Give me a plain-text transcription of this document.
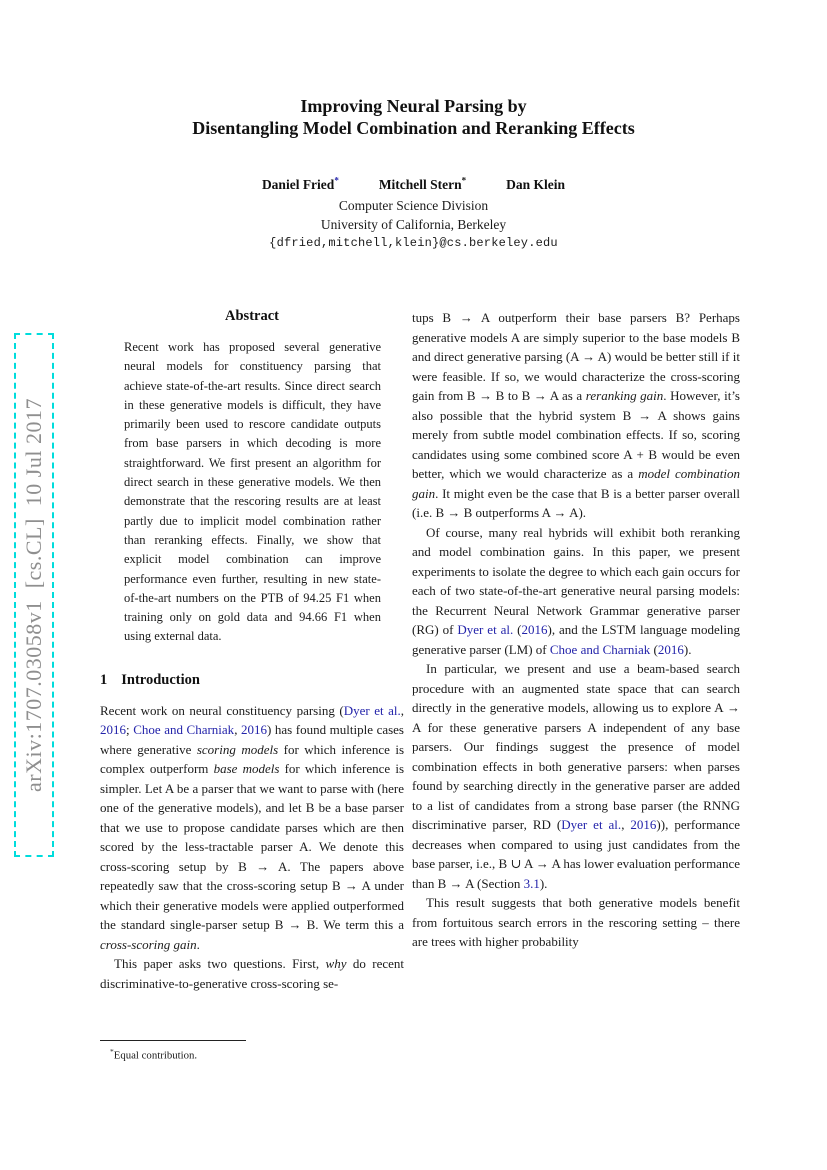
arXiv:1707.03058v1  [cs.CL]  10 Jul 2017
Improving Neural Parsing by
Disentangling Model Combination and Reranking Effects
Daniel Fried*	Mitchell Stern*	Dan Klein
Computer Science Division
University of California, Berkeley
{dfried,mitchell,klein}@cs.berkeley.edu
Abstract
Recent work has proposed several generative neural models for constituency parsing that achieve state-of-the-art results. Since direct search in these generative models is difficult, they have primarily been used to rescore candidate outputs from base parsers in which decoding is more straightforward. We first present an algorithm for direct search in these generative models. We then demonstrate that the rescoring results are at least partly due to implicit model combination rather than reranking effects. Finally, we show that explicit model combination can improve performance even further, resulting in new state-of-the-art numbers on the PTB of 94.25 F1 when training only on gold data and 94.66 F1 when using external data.
1 Introduction

Recent work on neural constituency parsing (Dyer et al., 2016; Choe and Charniak, 2016) has found multiple cases where generative scoring models for which inference is complex outperform base models for which inference is simpler. Let A be a parser that we want to parse with (here one of the generative models), and let B be a base parser that we use to propose candidate parses which are then scored by the less-tractable parser A. We denote this cross-scoring setup by B → A. The papers above repeatedly saw that the cross-scoring setup B → A under which their generative models were applied outperformed the standard single-parser setup B → B. We term this a cross-scoring gain.

This paper asks two questions. First, why do recent discriminative-to-generative cross-scoring se-

tups B → A outperform their base parsers B? Perhaps generative models A are simply superior to the base models B and direct generative parsing (A → A) would be better still if it were feasible. If so, we would characterize the cross-scoring gain from B → B to B → A as a reranking gain. However, it’s also possible that the hybrid system B → A shows gains merely from subtle model combination effects. If so, scoring candidates using some combined score A + B would be even better, which we would characterize as a model combination gain. It might even be the case that B is a better parser overall (i.e. B → B outperforms A → A).

Of course, many real hybrids will exhibit both reranking and model combination gains. In this paper, we present experiments to isolate the degree to which each gain occurs for each of two state-of-the-art generative neural parsing models: the Recurrent Neural Network Grammar generative parser (RG) of Dyer et al. (2016), and the LSTM language modeling generative parser (LM) of Choe and Charniak (2016).

In particular, we present and use a beam-based search procedure with an augmented state space that can search directly in the generative models, allowing us to explore A → A for these generative parsers A independent of any base parsers. Our findings suggest the presence of model combination effects in both generative parsers: when parses found by searching directly in the generative parser are added to a list of candidates from a strong base parser (the RNNG discriminative parser, RD (Dyer et al., 2016)), performance decreases when compared to using just candidates from the base parser, i.e., B ∪ A → A has lower evaluation performance than B → A (Section 3.1).

This result suggests that both generative models benefit from fortuitous search errors in the rescoring setting – there are trees with higher probability

*Equal contribution.
